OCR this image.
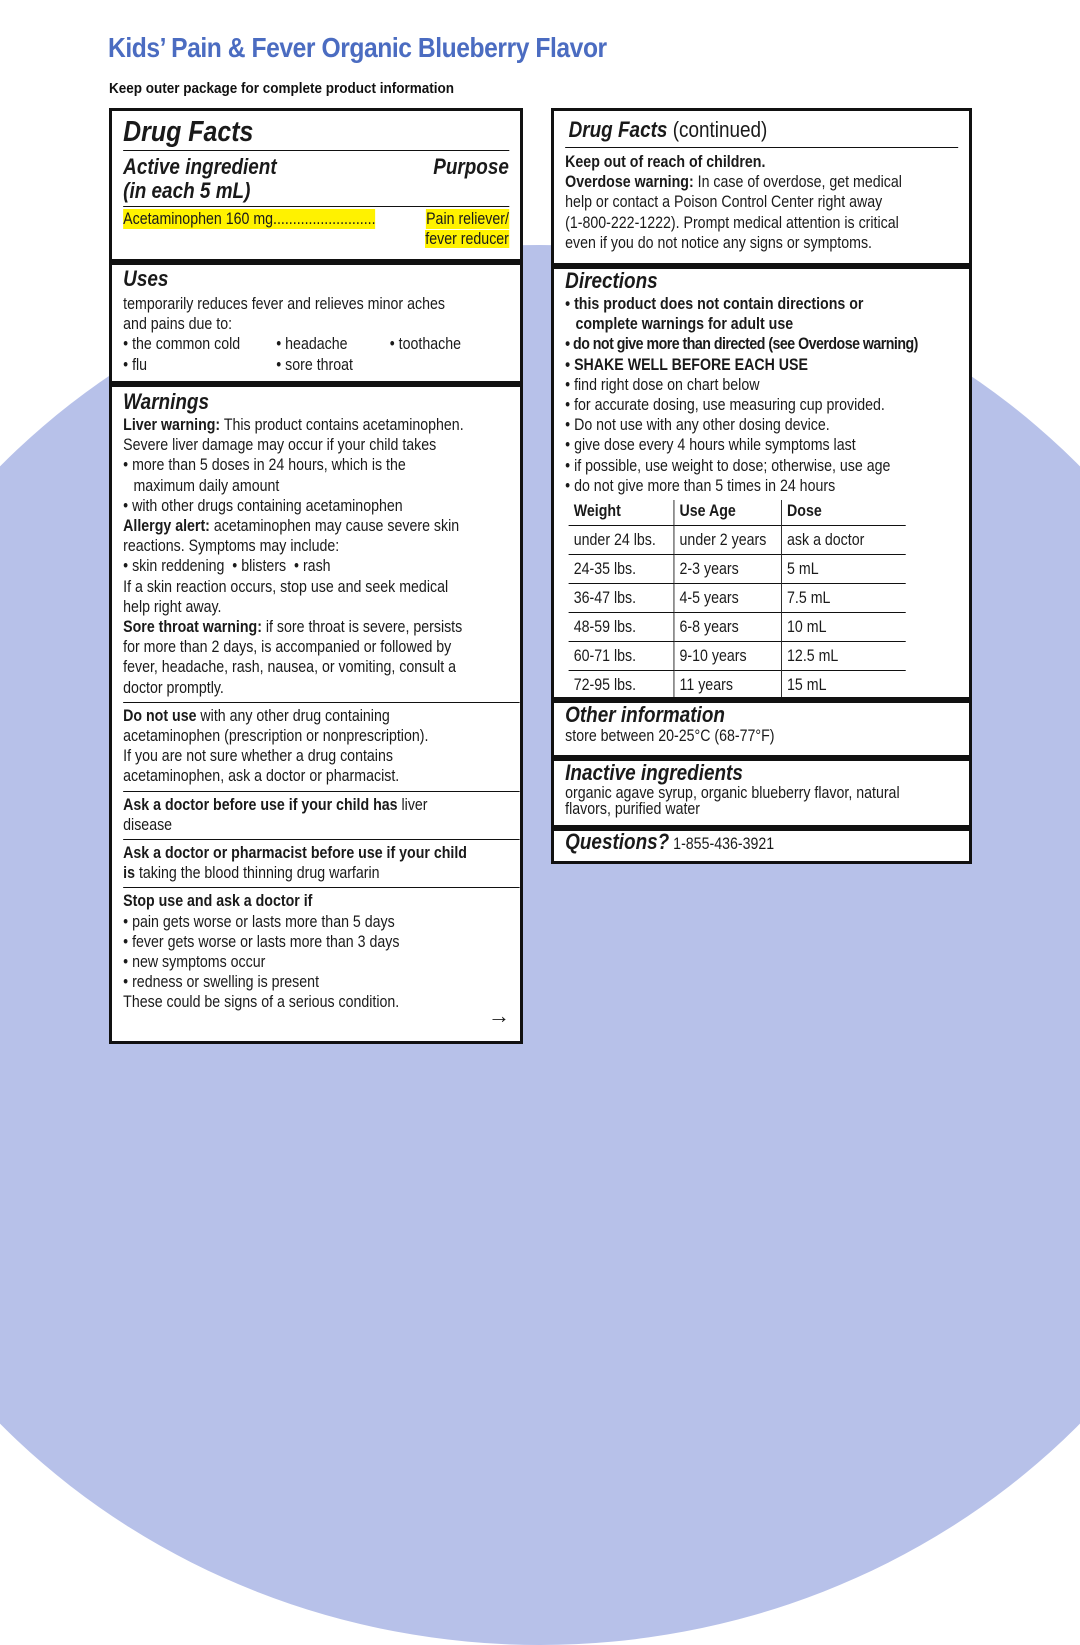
Kids’ Pain & Fever Organic Blueberry Flavor

Keep outer package for complete product information

Drug Facts
Active ingredient
(in each 5 mL)
Purpose
Acetaminophen 160 mg..........................	Pain reliever/
fever reducer
Uses
temporarily reduces fever and relieves minor aches
and pains due to:
• the common cold	• headache	• toothache
• flu	• sore throat
Warnings
Liver warning: This product contains acetaminophen.
Severe liver damage may occur if your child takes
• more than 5 doses in 24 hours, which is the
maximum daily amount
• with other drugs containing acetaminophen
Allergy alert: acetaminophen may cause severe skin
reactions. Symptoms may include:
• skin reddening • blisters • rash
If a skin reaction occurs, stop use and seek medical
help right away.
Sore throat warning: if sore throat is severe, persists
for more than 2 days, is accompanied or followed by
fever, headache, rash, nausea, or vomiting, consult a
doctor promptly.
Do not use with any other drug containing
acetaminophen (prescription or nonprescription).
If you are not sure whether a drug contains
acetaminophen, ask a doctor or pharmacist.
Ask a doctor before use if your child has liver
disease
Ask a doctor or pharmacist before use if your child
is taking the blood thinning drug warfarin
Stop use and ask a doctor if
• pain gets worse or lasts more than 5 days
• fever gets worse or lasts more than 3 days
• new symptoms occur
• redness or swelling is present
These could be signs of a serious condition.
→
Drug Facts (continued)
Keep out of reach of children.
Overdose warning: In case of overdose, get medical
help or contact a Poison Control Center right away
(1-800-222-1222). Prompt medical attention is critical
even if you do not notice any signs or symptoms.
Directions
• this product does not contain directions or
complete warnings for adult use
• do not give more than directed (see Overdose warning)
• SHAKE WELL BEFORE EACH USE
• find right dose on chart below
• for accurate dosing, use measuring cup provided.
• Do not use with any other dosing device.
• give dose every 4 hours while symptoms last
• if possible, use weight to dose; otherwise, use age
• do not give more than 5 times in 24 hours
Weight	Use Age	Dose
under 24 lbs.	under 2 years	ask a doctor
24-35 lbs.	2-3 years	5 mL
36-47 lbs.	4-5 years	7.5 mL
48-59 lbs.	6-8 years	10 mL
60-71 lbs.	9-10 years	12.5 mL
72-95 lbs.	11 years	15 mL
Other information
store between 20-25°C (68-77°F)
Inactive ingredients
organic agave syrup, organic blueberry flavor, natural
flavors, purified water
Questions? 1-855-436-3921
